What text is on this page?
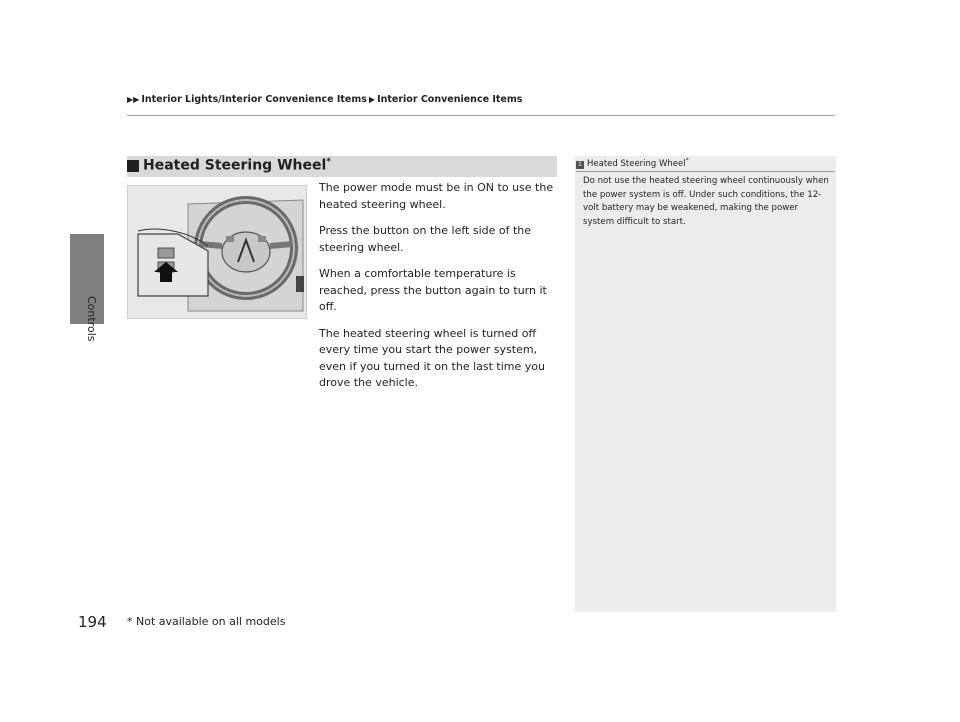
194
▶▶ Interior Lights/Interior Convenience Items ▶ Interior Convenience Items
Heated Steering Wheel*

The power mode must be in ON to use the heated steering wheel.

Press the button on the left side of the steering wheel.

When a comfortable temperature is reached, press the button again to turn it off.

The heated steering wheel is turned off every time you start the power system, even if you turned it on the last time you drove the vehicle.

1 Heated Steering Wheel*
Do not use the heated steering wheel continuously when the power system is off. Under such conditions, the 12-volt battery may be weakened, making the power system difficult to start.
* Not available on all models
